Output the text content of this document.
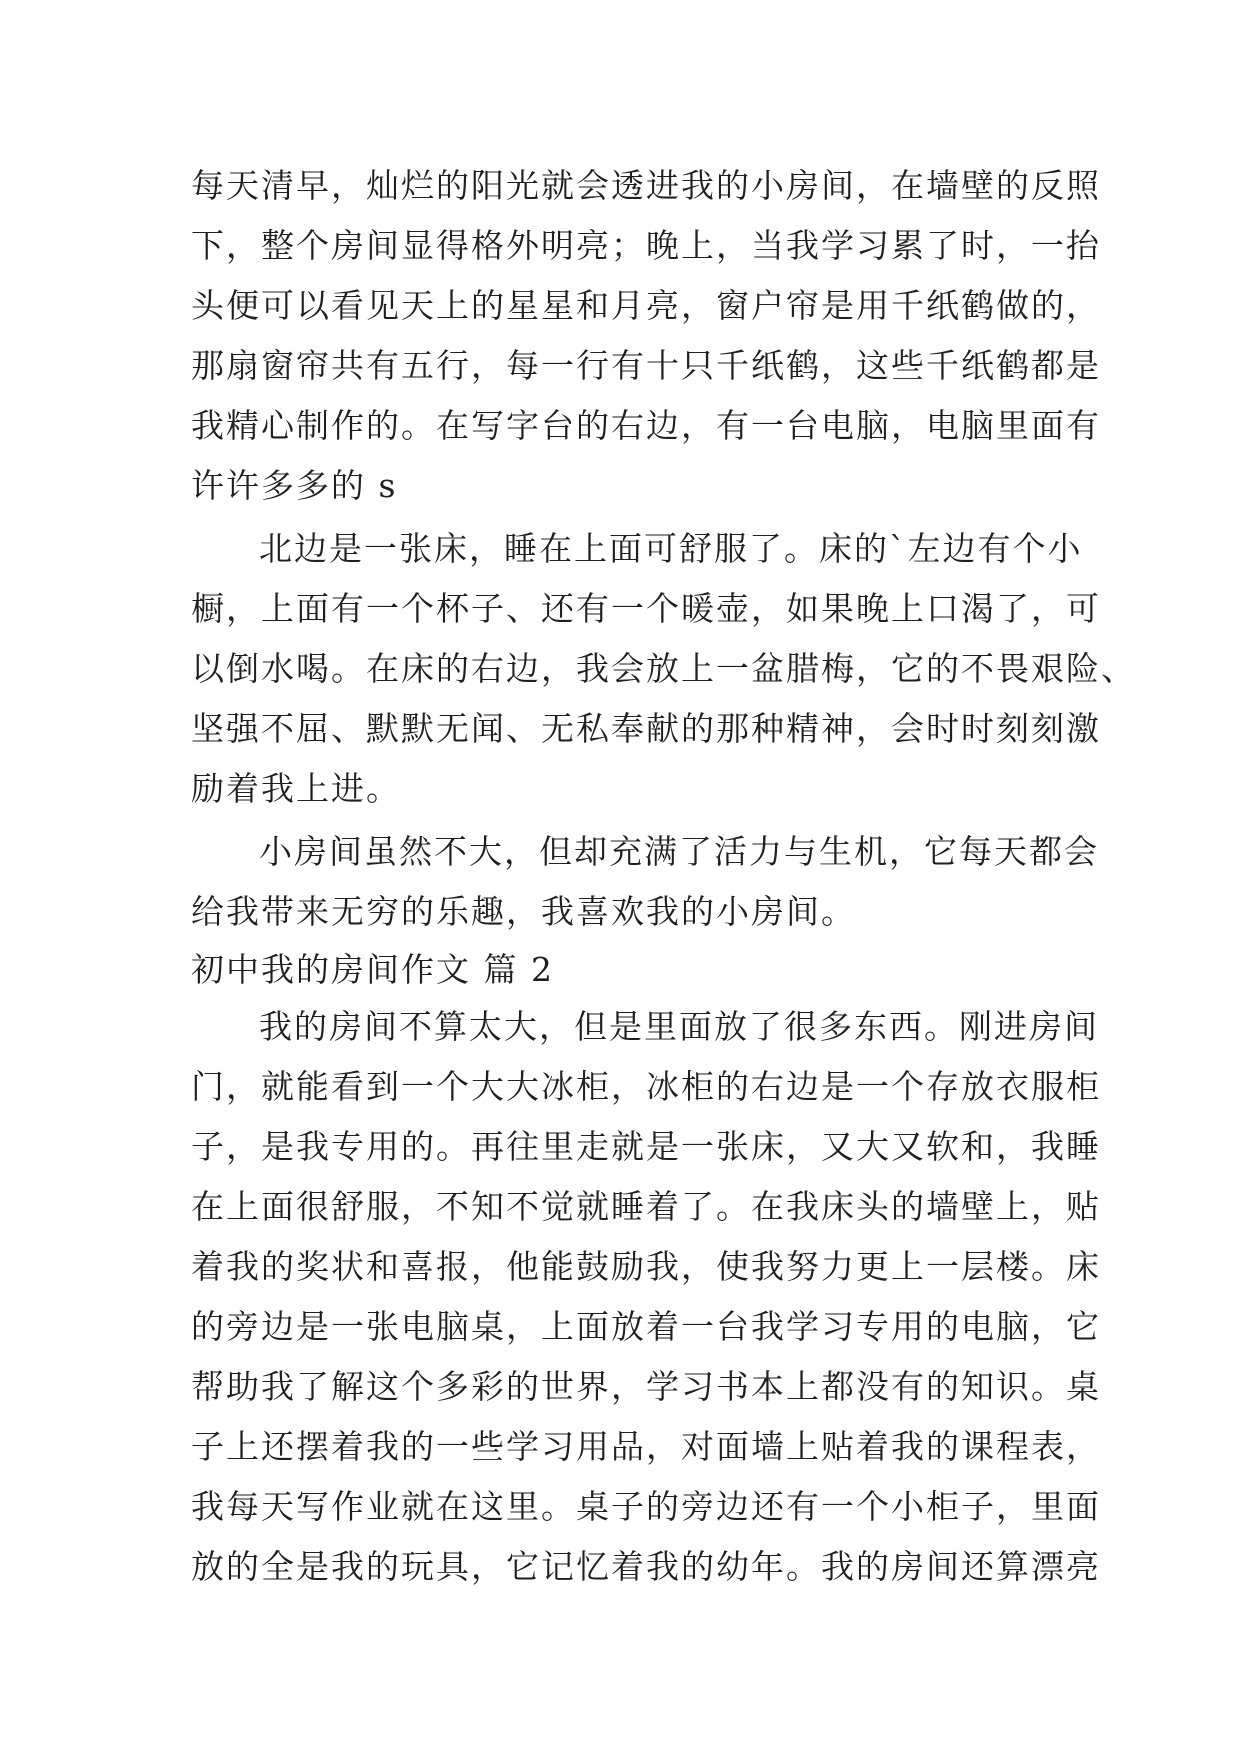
每天清早，灿烂的阳光就会透进我的小房间，在墙壁的反照
下，整个房间显得格外明亮；晚上，当我学习累了时，一抬
头便可以看见天上的星星和月亮，窗户帘是用千纸鹤做的，
那扇窗帘共有五行，每一行有十只千纸鹤，这些千纸鹤都是
我精心制作的。在写字台的右边，有一台电脑，电脑里面有
许许多多的 s
北边是一张床，睡在上面可舒服了。床的`左边有个小
橱，上面有一个杯子、还有一个暖壶，如果晚上口渴了，可
以倒水喝。在床的右边，我会放上一盆腊梅，它的不畏艰险、
坚强不屈、默默无闻、无私奉献的那种精神，会时时刻刻激
励着我上进。
小房间虽然不大，但却充满了活力与生机，它每天都会
给我带来无穷的乐趣，我喜欢我的小房间。
初中我的房间作文 篇 2
我的房间不算太大，但是里面放了很多东西。刚进房间
门，就能看到一个大大冰柜，冰柜的右边是一个存放衣服柜
子，是我专用的。再往里走就是一张床，又大又软和，我睡
在上面很舒服，不知不觉就睡着了。在我床头的墙壁上，贴
着我的奖状和喜报，他能鼓励我，使我努力更上一层楼。床
的旁边是一张电脑桌，上面放着一台我学习专用的电脑，它
帮助我了解这个多彩的世界，学习书本上都没有的知识。桌
子上还摆着我的一些学习用品，对面墙上贴着我的课程表，
我每天写作业就在这里。桌子的旁边还有一个小柜子，里面
放的全是我的玩具，它记忆着我的幼年。我的房间还算漂亮
